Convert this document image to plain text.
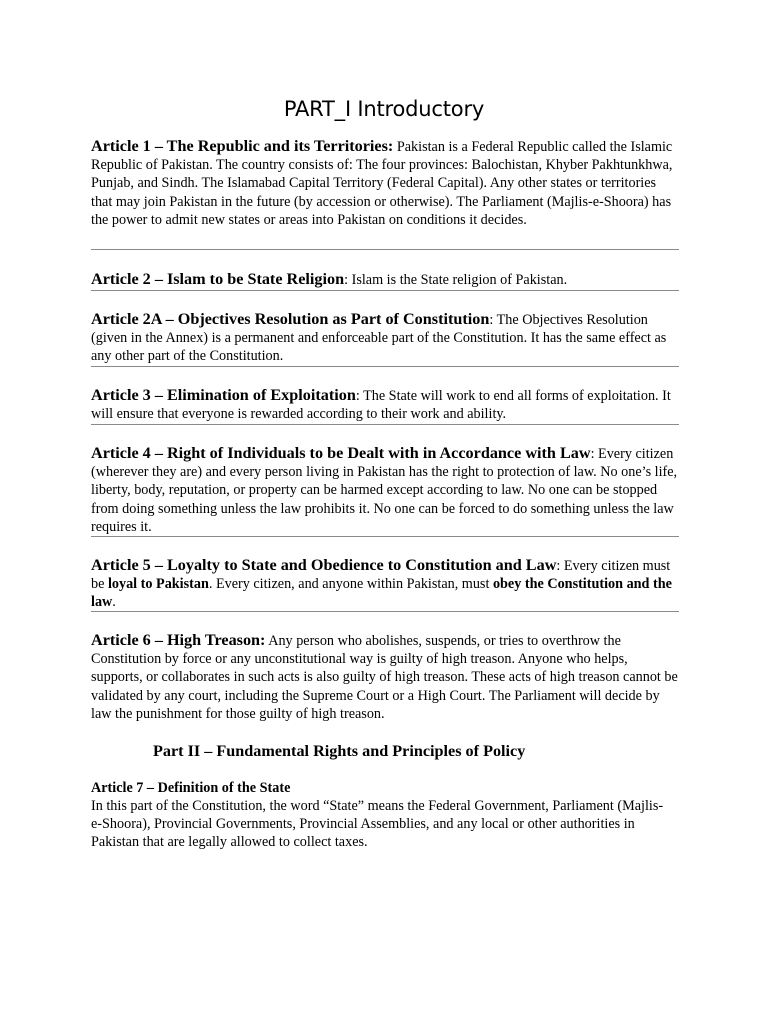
PART_I Introductory

Article 1 – The Republic and its Territories: Pakistan is a Federal Republic called the Islamic Republic of Pakistan. The country consists of: The four provinces: Balochistan, Khyber Pakhtunkhwa, Punjab, and Sindh. The Islamabad Capital Territory (Federal Capital). Any other states or territories that may join Pakistan in the future (by accession or otherwise). The Parliament (Majlis-e-Shoora) has the power to admit new states or areas into Pakistan on conditions it decides.

Article 2 – Islam to be State Religion: Islam is the State religion of Pakistan.

Article 2A – Objectives Resolution as Part of Constitution: The Objectives Resolution (given in the Annex) is a permanent and enforceable part of the Constitution. It has the same effect as any other part of the Constitution.

Article 3 – Elimination of Exploitation: The State will work to end all forms of exploitation. It will ensure that everyone is rewarded according to their work and ability.

Article 4 – Right of Individuals to be Dealt with in Accordance with Law: Every citizen (wherever they are) and every person living in Pakistan has the right to protection of law. No one’s life, liberty, body, reputation, or property can be harmed except according to law. No one can be stopped from doing something unless the law prohibits it. No one can be forced to do something unless the law requires it.

Article 5 – Loyalty to State and Obedience to Constitution and Law: Every citizen must be loyal to Pakistan. Every citizen, and anyone within Pakistan, must obey the Constitution and the law.

Article 6 – High Treason: Any person who abolishes, suspends, or tries to overthrow the Constitution by force or any unconstitutional way is guilty of high treason. Anyone who helps, supports, or collaborates in such acts is also guilty of high treason. These acts of high treason cannot be validated by any court, including the Supreme Court or a High Court. The Parliament will decide by law the punishment for those guilty of high treason.

Part II – Fundamental Rights and Principles of Policy

Article 7 – Definition of the State

In this part of the Constitution, the word “State” means the Federal Government, Parliament (Majlis-e-Shoora), Provincial Governments, Provincial Assemblies, and any local or other authorities in Pakistan that are legally allowed to collect taxes.
